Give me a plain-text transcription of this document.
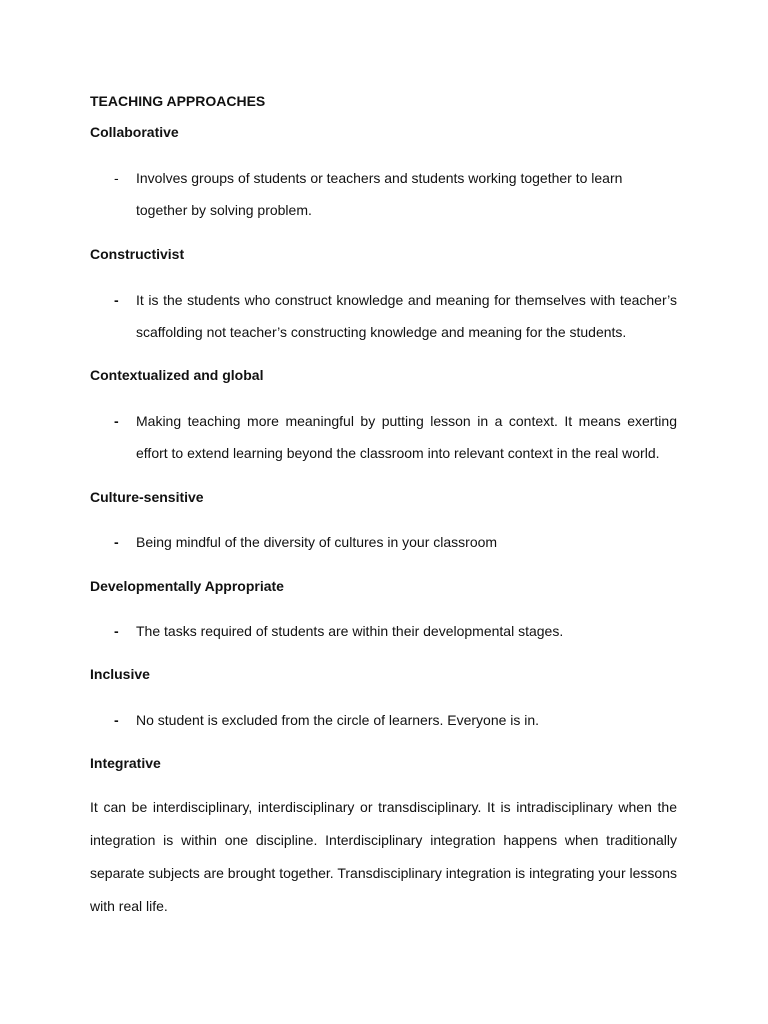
TEACHING APPROACHES

Collaborative

- Involves groups of students or teachers and students working together to learn together by solving problem.

Constructivist

- It is the students who construct knowledge and meaning for themselves with teacher’s scaffolding not teacher’s constructing knowledge and meaning for the students.

Contextualized and global

- Making teaching more meaningful by putting lesson in a context. It means exerting effort to extend learning beyond the classroom into relevant context in the real world.

Culture-sensitive

- Being mindful of the diversity of cultures in your classroom

Developmentally Appropriate

- The tasks required of students are within their developmental stages.

Inclusive

- No student is excluded from the circle of learners. Everyone is in.

Integrative

It can be interdisciplinary, interdisciplinary or transdisciplinary. It is intradisciplinary when the integration is within one discipline. Interdisciplinary integration happens when traditionally separate subjects are brought together. Transdisciplinary integration is integrating your lessons with real life.
